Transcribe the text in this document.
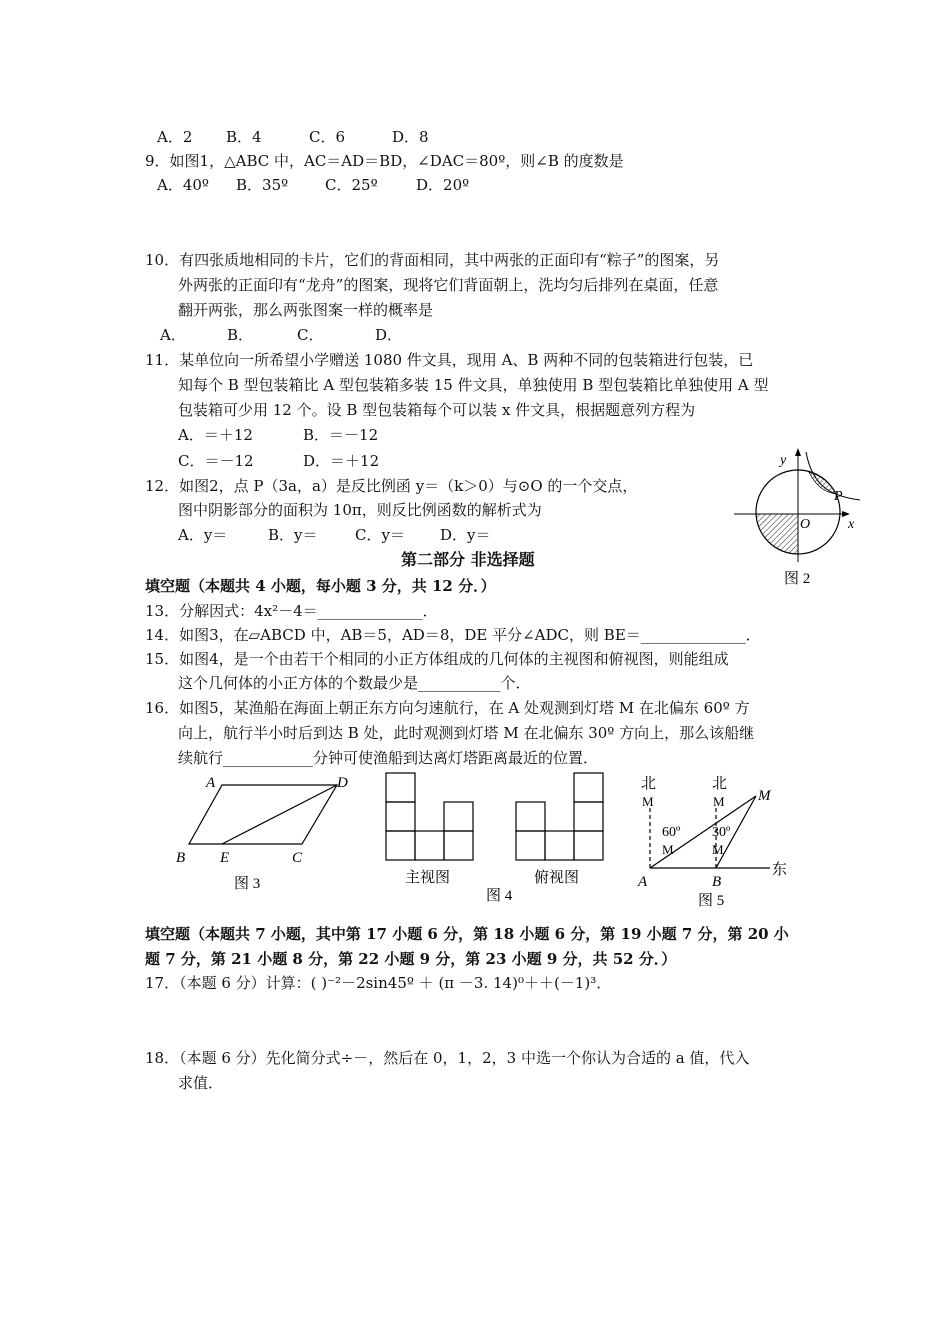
A．2 B．4	C．6	D．8
9．如图1，△ABC 中，AC＝AD＝BD，∠DAC＝80º，则∠B 的度数是
A．40º B．35º C．25º	D．20º
10．有四张质地相同的卡片，它们的背面相同，其中两张的正面印有“粽子”的图案，另
外两张的正面印有“龙舟”的图案，现将它们背面朝上，洗均匀后排列在桌面，任意
翻开两张，那么两张图案一样的概率是
A．	B．	C．	D．
11．某单位向一所希望小学赠送 1080 件文具，现用 A、B 两种不同的包装箱进行包装，已
知每个 B 型包装箱比 A 型包装箱多装 15 件文具，单独使用 B 型包装箱比单独使用 A 型
包装箱可少用 12 个。设 B 型包装箱每个可以装 x 件文具，根据题意列方程为
A．＝＋12	B．＝－12
C．＝－12	D．＝＋12
12．如图2，点 P（3a，a）是反比例函 y＝（k＞0）与⊙O 的一个交点，
图中阴影部分的面积为 10π，则反比例函数的解析式为
A．y＝	B．y＝	C．y＝ D．y＝
y
x
O
P
图 2
第二部分 非选择题
填空题（本题共 4 小题，每小题 3 分，共 12 分．）
13．分解因式：4x²－4＝______________．
14．如图3，在▱ABCD 中，AB＝5，AD＝8，DE 平分∠ADC，则 BE＝______________．
15．如图4，是一个由若干个相同的小正方体组成的几何体的主视图和俯视图，则能组成
这个几何体的小正方体的个数最少是___________个．
16．如图5，某渔船在海面上朝正东方向匀速航行，在 A 处观测到灯塔 M 在北偏东 60º 方
向上，航行半小时后到达 B 处，此时观测到灯塔 M 在北偏东 30º 方向上，那么该船继
续航行____________分钟可使渔船到达离灯塔距离最近的位置．
A	D
B E	C
图 3	主视图	俯视图
图 4
北	北
M	M M
60º 30º
M	M
A	B
东
图 5
填空题（本题共 7 小题，其中第 17 小题 6 分，第 18 小题 6 分，第 19 小题 7 分，第 20 小
题 7 分，第 21 小题 8 分，第 22 小题 9 分，第 23 小题 9 分，共 52 分．）
17．（本题 6 分）计算：( )⁻²－2sin45º ＋ (π －3. 14)⁰＋＋(－1)³．
18．（本题 6 分）先化简分式÷－，然后在 0，1，2，3 中选一个你认为合适的 a 值，代入
求值．
